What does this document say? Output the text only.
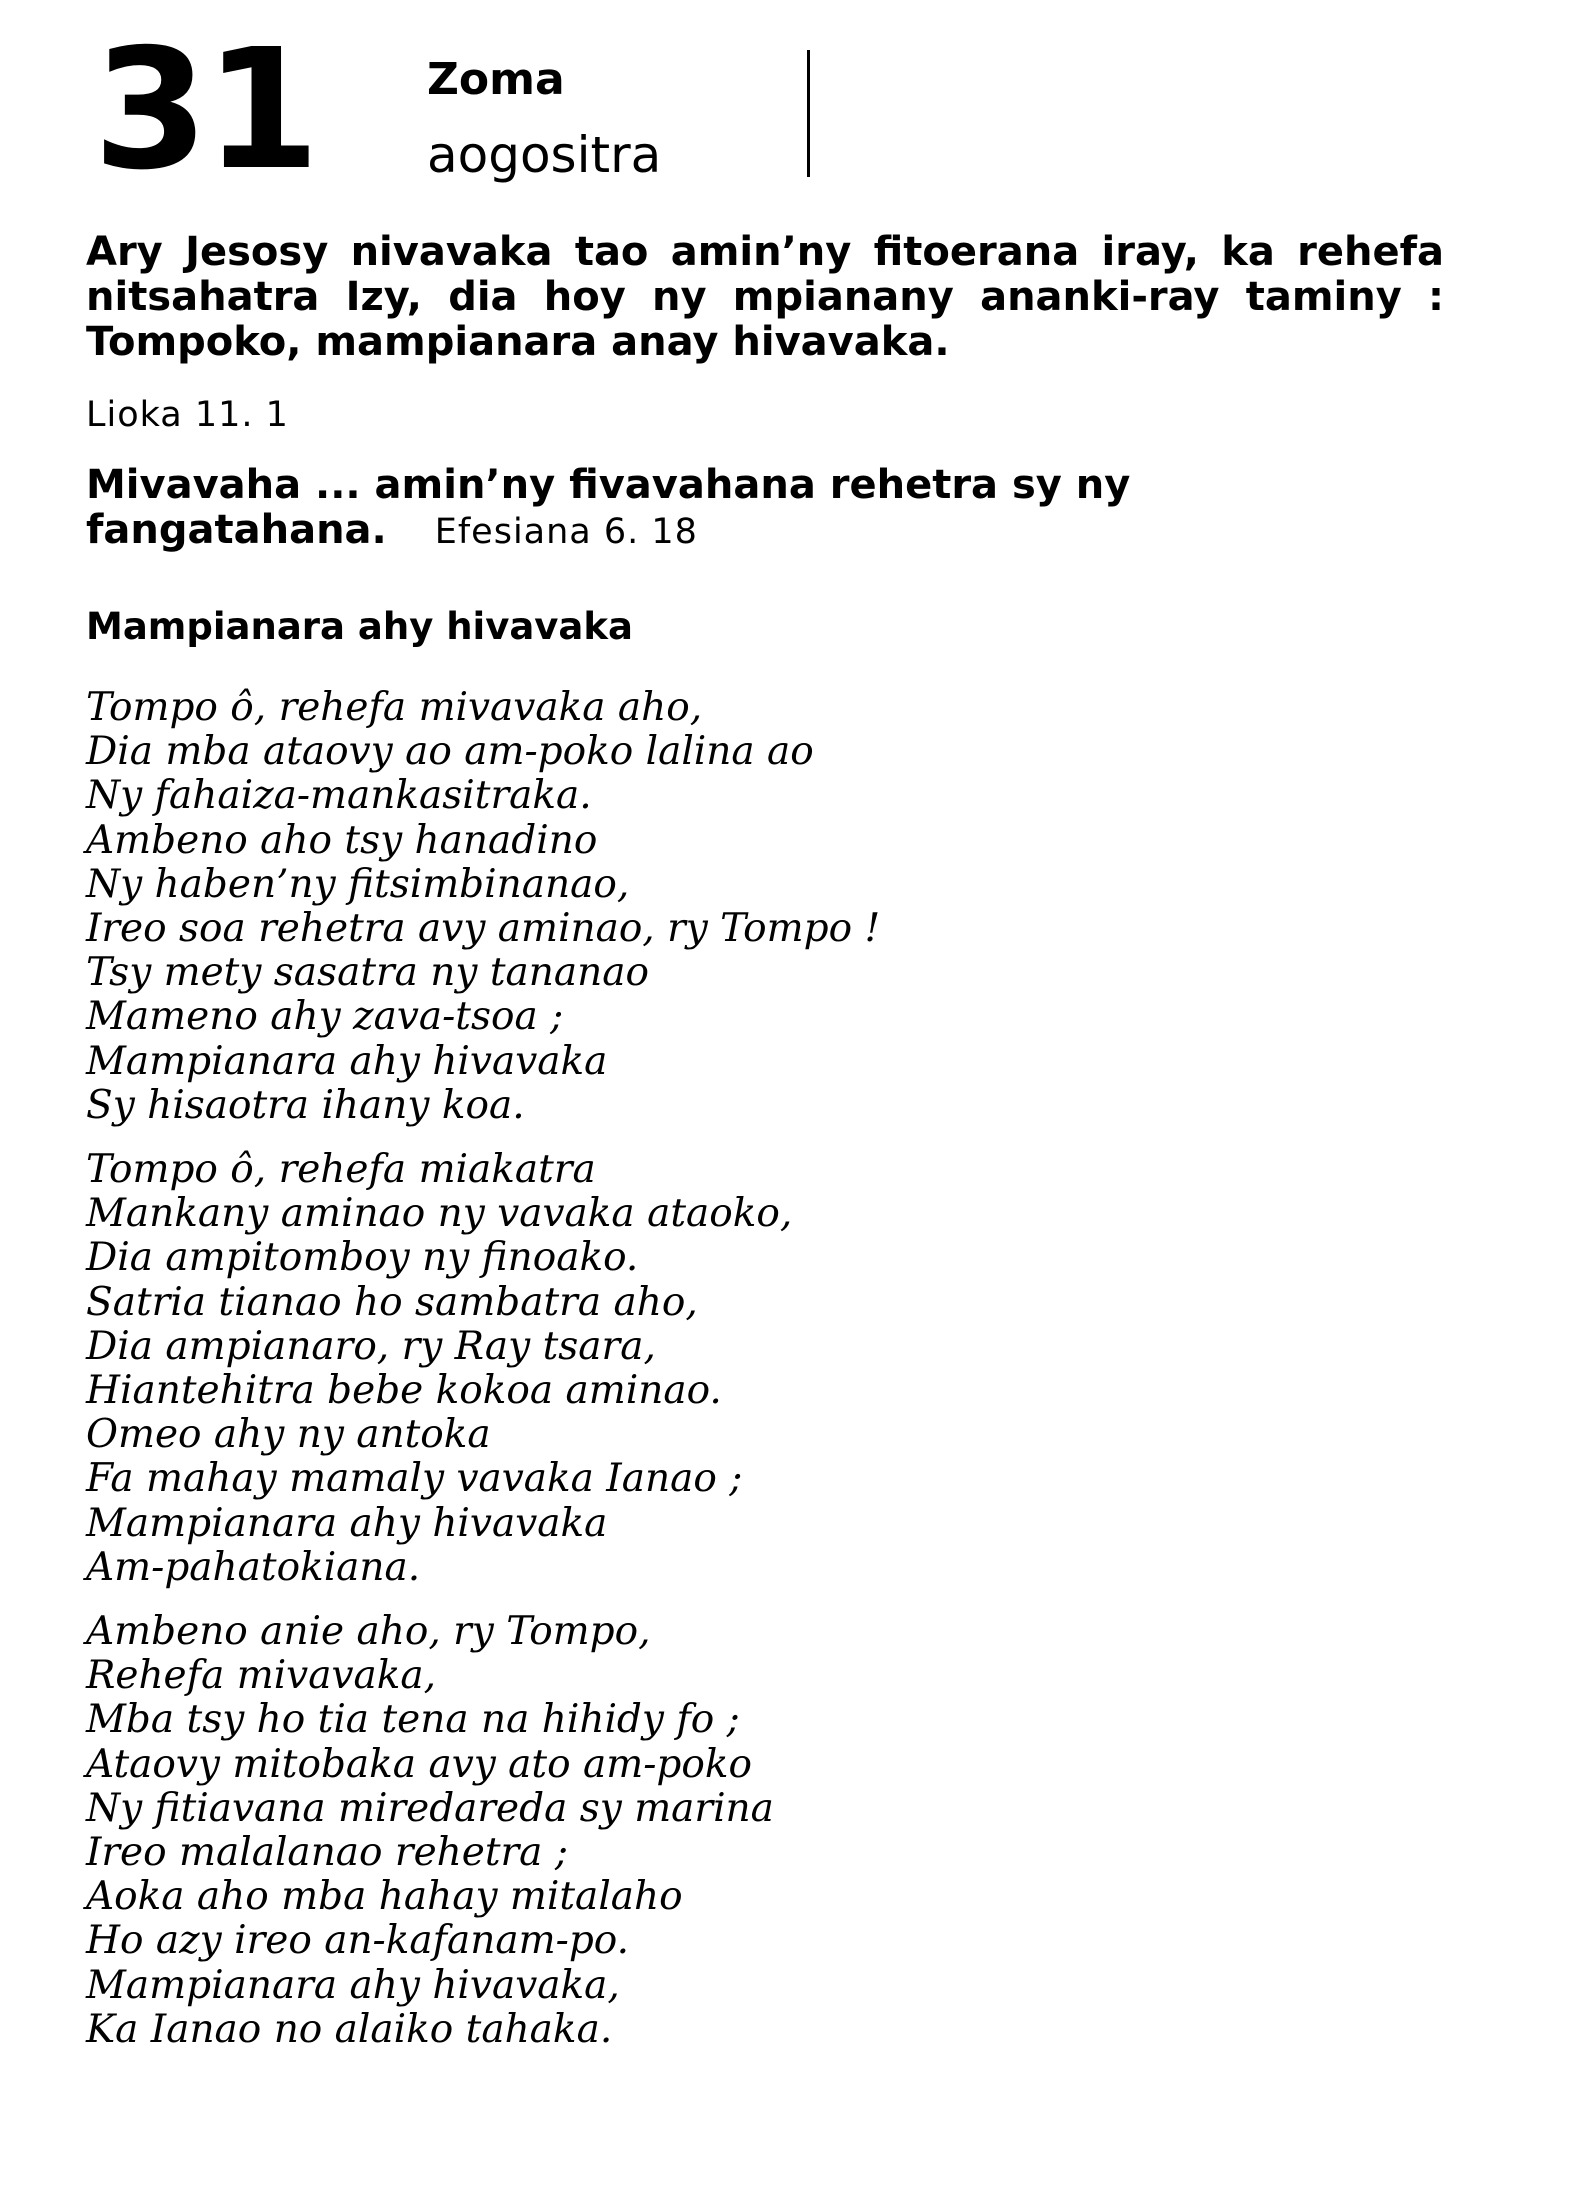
31	Zoma
aogositra

Ary Jesosy nivavaka tao amin’ny fitoerana iray, ka rehefa nitsahatra Izy, dia hoy ny mpianany ananki-ray taminy : Tompoko, mampianara anay hivavaka.

Lioka 11. 1

Mivavaha ... amin’ny fivavahana rehetra sy ny fangatahana. Efesiana 6. 18

Mampianara ahy hivavaka
Tompo ô, rehefa mivavaka aho,
Dia mba ataovy ao am-poko lalina ao
Ny fahaiza-mankasitraka.
Ambeno aho tsy hanadino
Ny haben’ny fitsimbinanao,
Ireo soa rehetra avy aminao, ry Tompo !
Tsy mety sasatra ny tananao
Mameno ahy zava-tsoa ;
Mampianara ahy hivavaka
Sy hisaotra ihany koa.
Tompo ô, rehefa miakatra
Mankany aminao ny vavaka ataoko,
Dia ampitomboy ny finoako.
Satria tianao ho sambatra aho,
Dia ampianaro, ry Ray tsara,
Hiantehitra bebe kokoa aminao.
Omeo ahy ny antoka
Fa mahay mamaly vavaka Ianao ;
Mampianara ahy hivavaka
Am-pahatokiana.
Ambeno anie aho, ry Tompo,
Rehefa mivavaka,
Mba tsy ho tia tena na hihidy fo ;
Ataovy mitobaka avy ato am-poko
Ny fitiavana miredareda sy marina
Ireo malalanao rehetra ;
Aoka aho mba hahay mitalaho
Ho azy ireo an-kafanam-po.
Mampianara ahy hivavaka,
Ka Ianao no alaiko tahaka.
